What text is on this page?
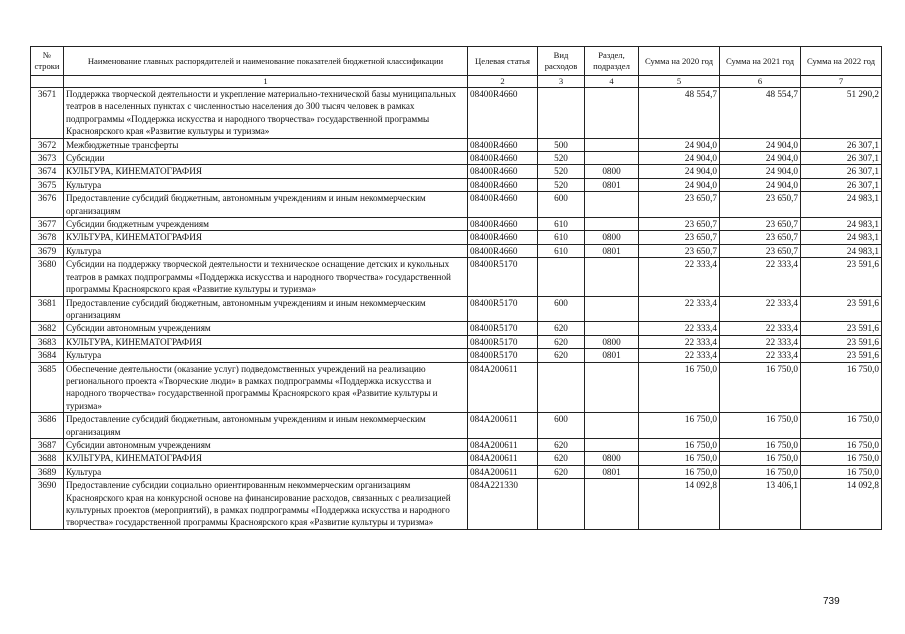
№ строки	Наименование главных распорядителей и наименование показателей бюджетной классификации	Целевая статья	Вид расходов	Раздел, подраздел	Сумма на 2020 год	Сумма на 2021 год	Сумма на 2022 год
	1	2	3	4	5	6	7
3671	Поддержка творческой деятельности и укрепление материально-технической базы муниципальных театров в населенных пунктах с численностью населения до 300 тысяч человек в рамках подпрограммы «Поддержка искусства и народного творчества» государственной программы Красноярского края «Развитие культуры и туризма»	08400R4660			48 554,7	48 554,7	51 290,2
3672	Межбюджетные трансферты	08400R4660	500		24 904,0	24 904,0	26 307,1
3673	Субсидии	08400R4660	520		24 904,0	24 904,0	26 307,1
3674	КУЛЬТУРА, КИНЕМАТОГРАФИЯ	08400R4660	520	0800	24 904,0	24 904,0	26 307,1
3675	Культура	08400R4660	520	0801	24 904,0	24 904,0	26 307,1
3676	Предоставление субсидий бюджетным, автономным учреждениям и иным некоммерческим организациям	08400R4660	600		23 650,7	23 650,7	24 983,1
3677	Субсидии бюджетным учреждениям	08400R4660	610		23 650,7	23 650,7	24 983,1
3678	КУЛЬТУРА, КИНЕМАТОГРАФИЯ	08400R4660	610	0800	23 650,7	23 650,7	24 983,1
3679	Культура	08400R4660	610	0801	23 650,7	23 650,7	24 983,1
3680	Субсидии на поддержку творческой деятельности и техническое оснащение детских и кукольных театров в рамках подпрограммы «Поддержка искусства и народного творчества» государственной программы Красноярского края «Развитие культуры и туризма»	08400R5170			22 333,4	22 333,4	23 591,6
3681	Предоставление субсидий бюджетным, автономным учреждениям и иным некоммерческим организациям	08400R5170	600		22 333,4	22 333,4	23 591,6
3682	Субсидии автономным учреждениям	08400R5170	620		22 333,4	22 333,4	23 591,6
3683	КУЛЬТУРА, КИНЕМАТОГРАФИЯ	08400R5170	620	0800	22 333,4	22 333,4	23 591,6
3684	Культура	08400R5170	620	0801	22 333,4	22 333,4	23 591,6
3685	Обеспечение деятельности (оказание услуг) подведомственных учреждений на реализацию регионального проекта «Творческие люди» в рамках подпрограммы «Поддержка искусства и народного творчества» государственной программы Красноярского края «Развитие культуры и туризма»	084A200611			16 750,0	16 750,0	16 750,0
3686	Предоставление субсидий бюджетным, автономным учреждениям и иным некоммерческим организациям	084A200611	600		16 750,0	16 750,0	16 750,0
3687	Субсидии автономным учреждениям	084A200611	620		16 750,0	16 750,0	16 750,0
3688	КУЛЬТУРА, КИНЕМАТОГРАФИЯ	084A200611	620	0800	16 750,0	16 750,0	16 750,0
3689	Культура	084A200611	620	0801	16 750,0	16 750,0	16 750,0
3690	Предоставление субсидии социально ориентированным некоммерческим организациям Красноярского края на конкурсной основе на финансирование расходов, связанных с реализацией культурных проектов (мероприятий), в рамках подпрограммы «Поддержка искусства и народного творчества» государственной программы Красноярского края «Развитие культуры и туризма»	084A221330			14 092,8	13 406,1	14 092,8
739
